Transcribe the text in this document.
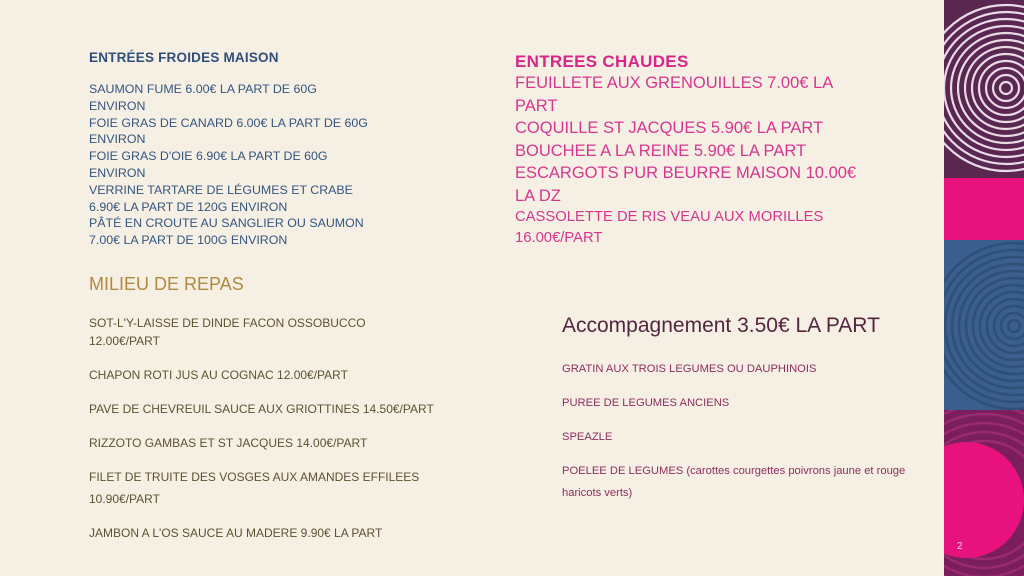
ENTRÉES FROIDES MAISON
SAUMON FUME 6.00€ LA PART DE 60G
ENVIRON
FOIE GRAS DE CANARD 6.00€ LA PART DE 60G
ENVIRON
FOIE GRAS D'OIE 6.90€ LA PART DE 60G
ENVIRON
VERRINE TARTARE DE LÉGUMES ET CRABE
6.90€ LA PART DE 120G ENVIRON
PÂTÉ EN CROUTE AU SANGLIER OU SAUMON
7.00€ LA PART DE 100G ENVIRON
MILIEU DE REPAS
SOT-L'Y-LAISSE DE DINDE FACON OSSOBUCCO
12.00€/PART
CHAPON ROTI JUS AU COGNAC 12.00€/PART
PAVE DE CHEVREUIL SAUCE AUX GRIOTTINES 14.50€/PART
RIZZOTO GAMBAS ET ST JACQUES 14.00€/PART
FILET DE TRUITE DES VOSGES AUX AMANDES EFFILEES
10.90€/PART
JAMBON A L'OS SAUCE AU MADERE 9.90€ LA PART
ENTREES CHAUDES
FEUILLETE AUX GRENOUILLES 7.00€ LA
PART
COQUILLE ST JACQUES 5.90€ LA PART
BOUCHEE A LA REINE 5.90€ LA PART
ESCARGOTS PUR BEURRE MAISON 10.00€
LA DZ
CASSOLETTE DE RIS VEAU AUX MORILLES
16.00€/PART
Accompagnement 3.50€ LA PART
GRATIN AUX TROIS LEGUMES OU DAUPHINOIS
PUREE DE LEGUMES ANCIENS
SPEAZLE
POELEE DE LEGUMES (carottes courgettes poivrons jaune et rouge
haricots verts)
2
